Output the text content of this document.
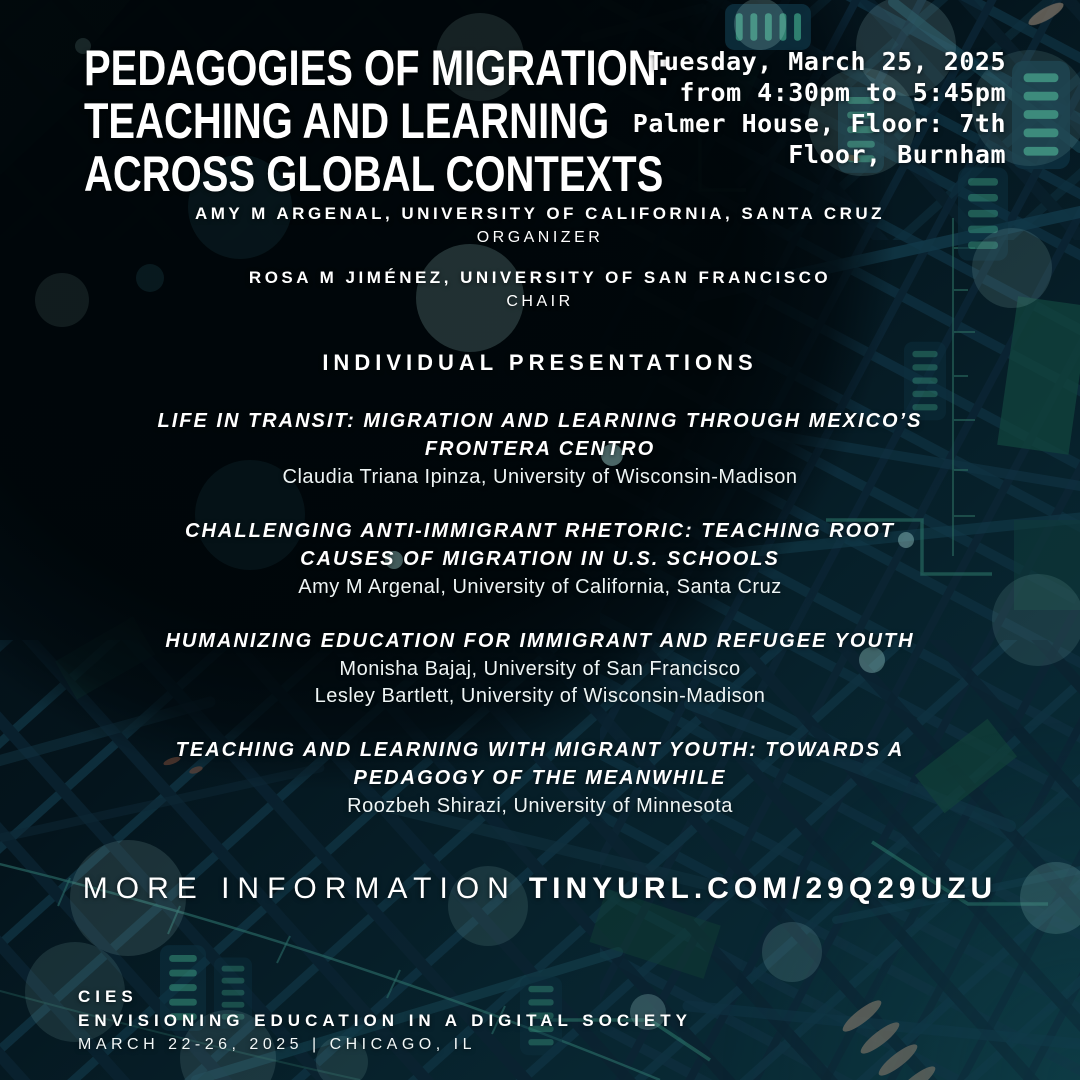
PEDAGOGIES OF MIGRATION:
TEACHING AND LEARNING
ACROSS GLOBAL CONTEXTS
Tuesday, March 25, 2025
from 4:30pm to 5:45pm
Palmer House, Floor: 7th
Floor, Burnham
AMY M ARGENAL, UNIVERSITY OF CALIFORNIA, SANTA CRUZ
ORGANIZER
ROSA M JIMÉNEZ, UNIVERSITY OF SAN FRANCISCO
CHAIR
INDIVIDUAL PRESENTATIONS
LIFE IN TRANSIT: MIGRATION AND LEARNING THROUGH MEXICO’S
FRONTERA CENTRO
Claudia Triana Ipinza, University of Wisconsin-Madison
CHALLENGING ANTI-IMMIGRANT RHETORIC: TEACHING ROOT
CAUSES OF MIGRATION IN U.S. SCHOOLS
Amy M Argenal, University of California, Santa Cruz
HUMANIZING EDUCATION FOR IMMIGRANT AND REFUGEE YOUTH
Monisha Bajaj, University of San Francisco
Lesley Bartlett, University of Wisconsin-Madison
TEACHING AND LEARNING WITH MIGRANT YOUTH: TOWARDS A
PEDAGOGY OF THE MEANWHILE
Roozbeh Shirazi, University of Minnesota
MORE INFORMATION TINYURL.COM/29Q29UZU
CIES
ENVISIONING EDUCATION IN A DIGITAL SOCIETY
MARCH 22-26, 2025 | CHICAGO, IL
